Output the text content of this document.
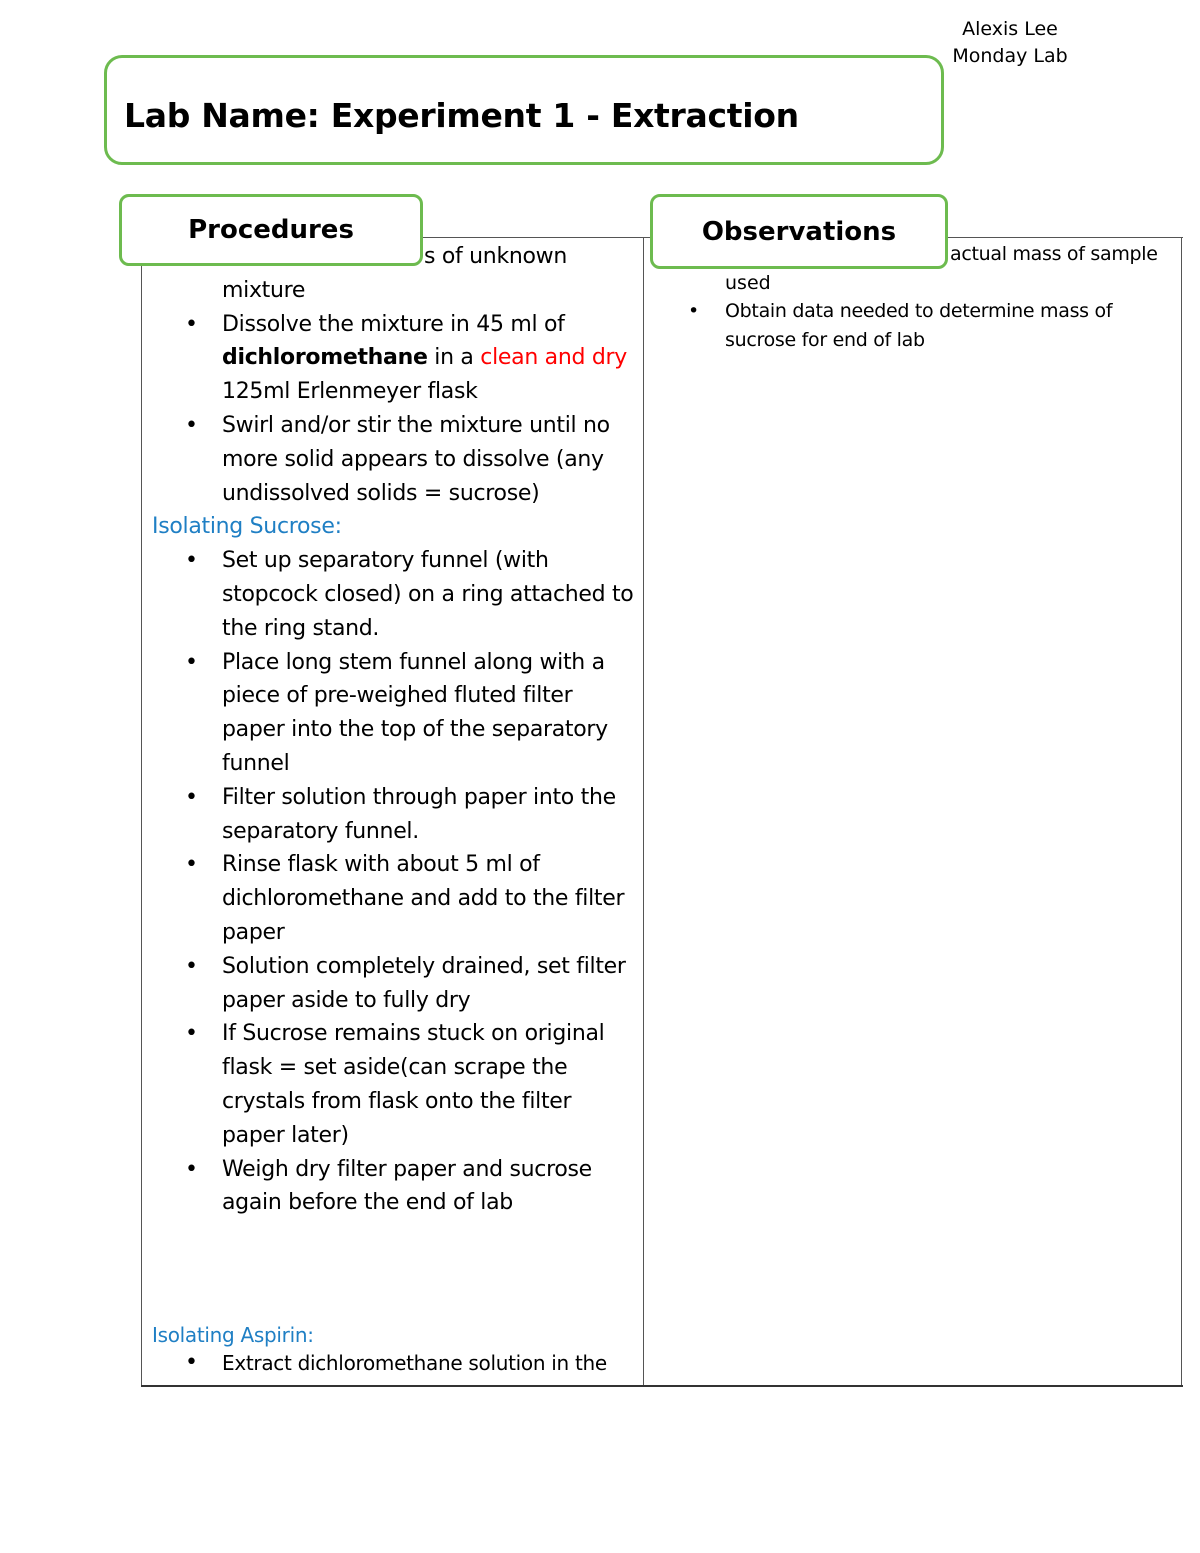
Alexis Lee
Monday Lab
Lab Name: Experiment 1 - Extraction
• s of unknown

mixture
• Dissolve the mixture in 45 ml of dichloromethane in a clean and dry 125ml Erlenmeyer flask
• Swirl and/or stir the mixture until no more solid appears to dissolve (any undissolved solids = sucrose)
Isolating Sucrose:
• Set up separatory funnel (with stopcock closed) on a ring attached to the ring stand.
• Place long stem funnel along with a piece of pre-weighed fluted filter paper into the top of the separatory funnel
• Filter solution through paper into the separatory funnel.
• Rinse flask with about 5 ml of dichloromethane and add to the filter paper
• Solution completely drained, set filter paper aside to fully dry
• If Sucrose remains stuck on original flask = set aside(can scrape the crystals from flask onto the filter paper later)
• Weigh dry filter paper and sucrose again before the end of lab
Isolating Aspirin:
• Extract dichloromethane solution in the
actual mass of sample
used
• Obtain data needed to determine mass of sucrose for end of lab
Procedures	Observations
